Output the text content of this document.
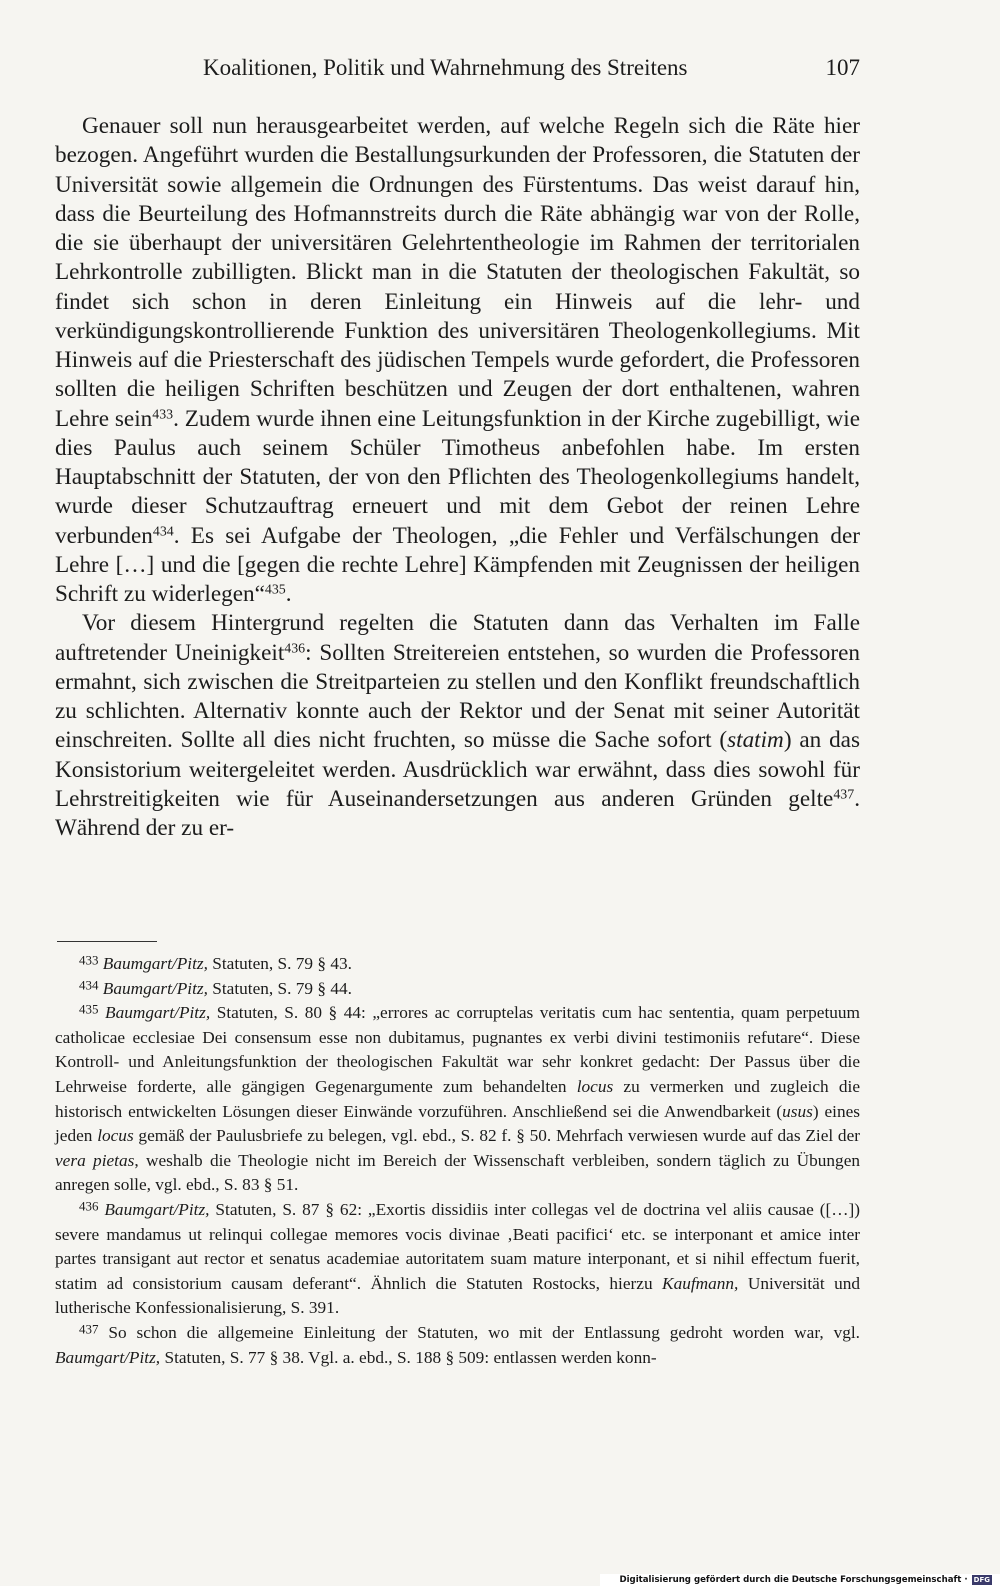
Koalitionen, Politik und Wahrnehmung des Streitens	107

Genauer soll nun herausgearbeitet werden, auf welche Regeln sich die Räte hier bezogen. Angeführt wurden die Bestallungsurkunden der Professoren, die Statuten der Universität sowie allgemein die Ordnungen des Fürstentums. Das weist darauf hin, dass die Beurteilung des Hofmannstreits durch die Räte abhängig war von der Rolle, die sie überhaupt der universitären Gelehrtentheologie im Rahmen der territorialen Lehrkontrolle zubilligten. Blickt man in die Statuten der theologischen Fakultät, so findet sich schon in deren Einleitung ein Hinweis auf die lehr- und verkündigungskontrollierende Funktion des universitären Theologenkollegiums. Mit Hinweis auf die Priesterschaft des jüdischen Tempels wurde gefordert, die Professoren sollten die heiligen Schriften beschützen und Zeugen der dort enthaltenen, wahren Lehre sein$^{433}$. Zudem wurde ihnen eine Leitungsfunktion in der Kirche zugebilligt, wie dies Paulus auch seinem Schüler Timotheus anbefohlen habe. Im ersten Hauptabschnitt der Statuten, der von den Pflichten des Theologenkollegiums handelt, wurde dieser Schutzauftrag erneuert und mit dem Gebot der reinen Lehre verbunden$^{434}$. Es sei Aufgabe der Theologen, „die Fehler und Verfälschungen der Lehre […] und die [gegen die rechte Lehre] Kämpfenden mit Zeugnissen der heiligen Schrift zu widerlegen“$^{435}$.

Vor diesem Hintergrund regelten die Statuten dann das Verhalten im Falle auftretender Uneinigkeit$^{436}$: Sollten Streitereien entstehen, so wurden die Professoren ermahnt, sich zwischen die Streitparteien zu stellen und den Konflikt freundschaftlich zu schlichten. Alternativ konnte auch der Rektor und der Senat mit seiner Autorität einschreiten. Sollte all dies nicht fruchten, so müsse die Sache sofort (statim) an das Konsistorium weitergeleitet werden. Ausdrücklich war erwähnt, dass dies sowohl für Lehrstreitigkeiten wie für Auseinandersetzungen aus anderen Gründen gelte$^{437}$. Während der zu er-

$^{433}$ Baumgart/Pitz, Statuten, S. 79 § 43.

$^{434}$ Baumgart/Pitz, Statuten, S. 79 § 44.

$^{435}$ Baumgart/Pitz, Statuten, S. 80 § 44: „errores ac corruptelas veritatis cum hac sententia, quam perpetuum catholicae ecclesiae Dei consensum esse non dubitamus, pugnantes ex verbi divini testimoniis refutare“. Diese Kontroll- und Anleitungsfunktion der theologischen Fakultät war sehr konkret gedacht: Der Passus über die Lehrweise forderte, alle gängigen Gegenargumente zum behandelten locus zu vermerken und zugleich die historisch entwickelten Lösungen dieser Einwände vorzuführen. Anschließend sei die Anwendbarkeit (usus) eines jeden locus gemäß der Paulusbriefe zu belegen, vgl. ebd., S. 82 f. § 50. Mehrfach verwiesen wurde auf das Ziel der vera pietas, weshalb die Theologie nicht im Bereich der Wissenschaft verbleiben, sondern täglich zu Übungen anregen solle, vgl. ebd., S. 83 § 51.

$^{436}$ Baumgart/Pitz, Statuten, S. 87 § 62: „Exortis dissidiis inter collegas vel de doctrina vel aliis causae ([…]) severe mandamus ut relinqui collegae memores vocis divinae ‚Beati pacifici‘ etc. se interponant et amice inter partes transigant aut rector et senatus academiae autoritatem suam mature interponant, et si nihil effectum fuerit, statim ad consistorium causam deferant“. Ähnlich die Statuten Rostocks, hierzu Kaufmann, Universität und lutherische Konfessionalisierung, S. 391.

$^{437}$ So schon die allgemeine Einleitung der Statuten, wo mit der Entlassung gedroht worden war, vgl. Baumgart/Pitz, Statuten, S. 77 § 38. Vgl. a. ebd., S. 188 § 509: entlassen werden konn-

Digitalisierung gefördert durch die Deutsche Forschungsgemeinschaft · DFG
